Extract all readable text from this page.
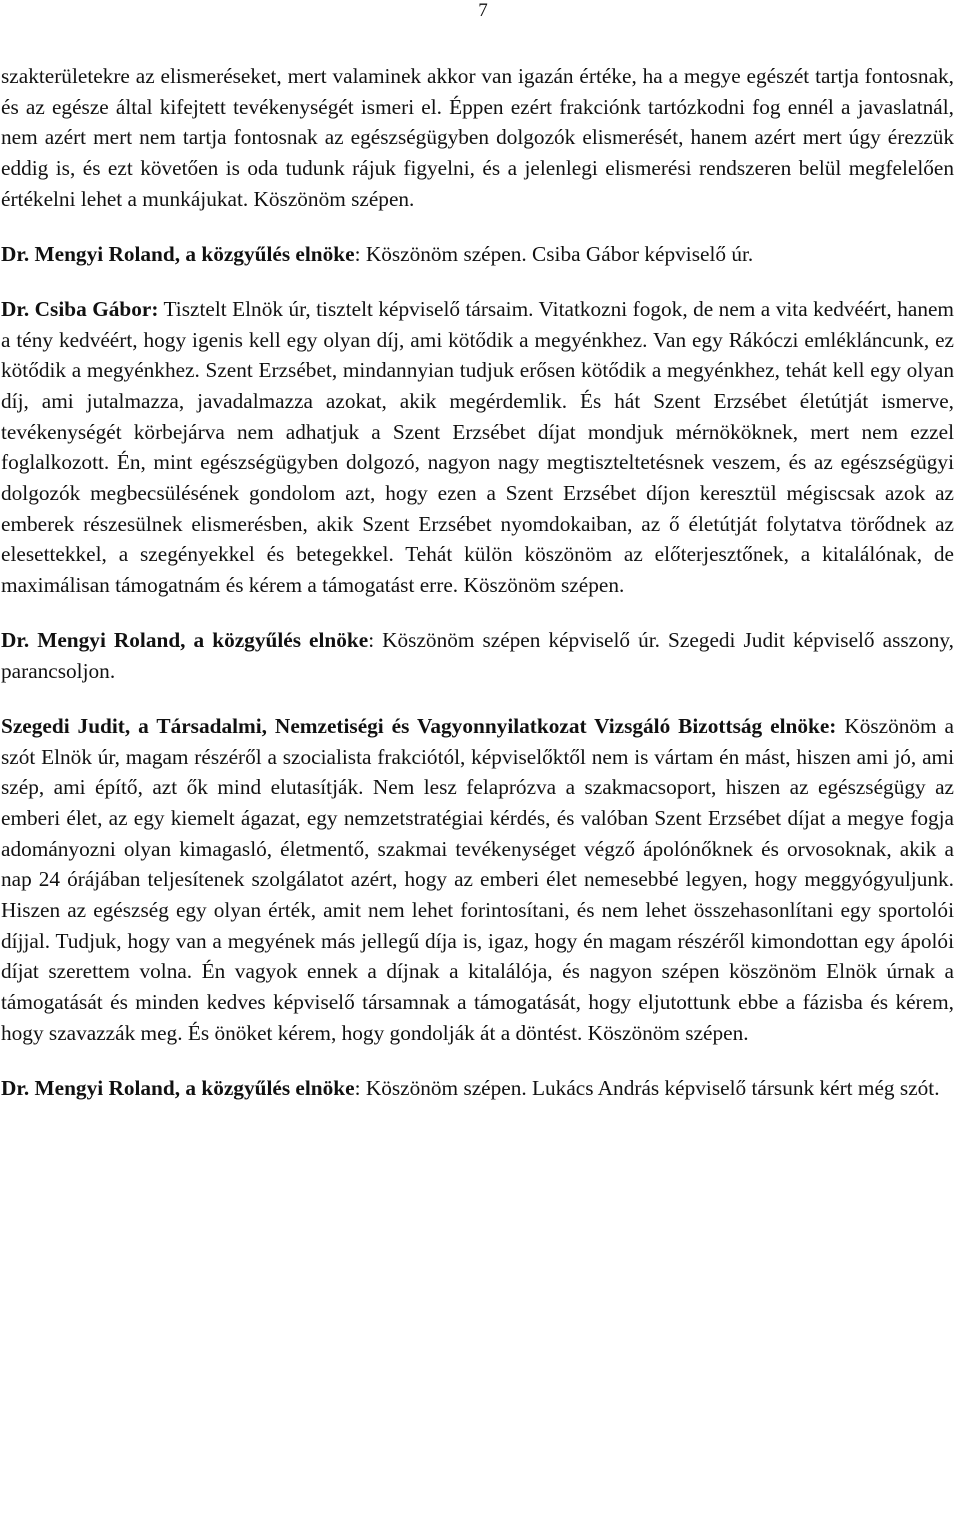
7

szakterületekre az elismeréseket, mert valaminek akkor van igazán értéke, ha a megye egészét tartja fontosnak, és az egésze által kifejtett tevékenységét ismeri el. Éppen ezért frakciónk tartózkodni fog ennél a javaslatnál, nem azért mert nem tartja fontosnak az egészségügyben dolgozók elismerését, hanem azért mert úgy érezzük eddig is, és ezt követően is oda tudunk rájuk figyelni, és a jelenlegi elismerési rendszeren belül megfelelően értékelni lehet a munkájukat. Köszönöm szépen.

Dr. Mengyi Roland, a közgyűlés elnöke: Köszönöm szépen. Csiba Gábor képviselő úr.

Dr. Csiba Gábor: Tisztelt Elnök úr, tisztelt képviselő társaim. Vitatkozni fogok, de nem a vita kedvéért, hanem a tény kedvéért, hogy igenis kell egy olyan díj, ami kötődik a megyénkhez. Van egy Rákóczi emlékláncunk, ez kötődik a megyénkhez. Szent Erzsébet, mindannyian tudjuk erősen kötődik a megyénkhez, tehát kell egy olyan díj, ami jutalmazza, javadalmazza azokat, akik megérdemlik. És hát Szent Erzsébet életútját ismerve, tevékenységét körbejárva nem adhatjuk a Szent Erzsébet díjat mondjuk mérnököknek, mert nem ezzel foglalkozott. Én, mint egészségügyben dolgozó, nagyon nagy megtiszteltetésnek veszem, és az egészségügyi dolgozók megbecsülésének gondolom azt, hogy ezen a Szent Erzsébet díjon keresztül mégiscsak azok az emberek részesülnek elismerésben, akik Szent Erzsébet nyomdokaiban, az ő életútját folytatva törődnek az elesettekkel, a szegényekkel és betegekkel. Tehát külön köszönöm az előterjesztőnek, a kitalálónak, de maximálisan támogatnám és kérem a támogatást erre. Köszönöm szépen.

Dr. Mengyi Roland, a közgyűlés elnöke: Köszönöm szépen képviselő úr. Szegedi Judit képviselő asszony, parancsoljon.

Szegedi Judit, a Társadalmi, Nemzetiségi és Vagyonnyilatkozat Vizsgáló Bizottság elnöke: Köszönöm a szót Elnök úr, magam részéről a szocialista frakciótól, képviselőktől nem is vártam én mást, hiszen ami jó, ami szép, ami építő, azt ők mind elutasítják. Nem lesz felaprózva a szakmacsoport, hiszen az egészségügy az emberi élet, az egy kiemelt ágazat, egy nemzetstratégiai kérdés, és valóban Szent Erzsébet díjat a megye fogja adományozni olyan kimagasló, életmentő, szakmai tevékenységet végző ápolónőknek és orvosoknak, akik a nap 24 órájában teljesítenek szolgálatot azért, hogy az emberi élet nemesebbé legyen, hogy meggyógyuljunk. Hiszen az egészség egy olyan érték, amit nem lehet forintosítani, és nem lehet összehasonlítani egy sportolói díjjal. Tudjuk, hogy van a megyének más jellegű díja is, igaz, hogy én magam részéről kimondottan egy ápolói díjat szerettem volna. Én vagyok ennek a díjnak a kitalálója, és nagyon szépen köszönöm Elnök úrnak a támogatását és minden kedves képviselő társamnak a támogatását, hogy eljutottunk ebbe a fázisba és kérem, hogy szavazzák meg. És önöket kérem, hogy gondolják át a döntést. Köszönöm szépen.

Dr. Mengyi Roland, a közgyűlés elnöke: Köszönöm szépen. Lukács András képviselő társunk kért még szót.
